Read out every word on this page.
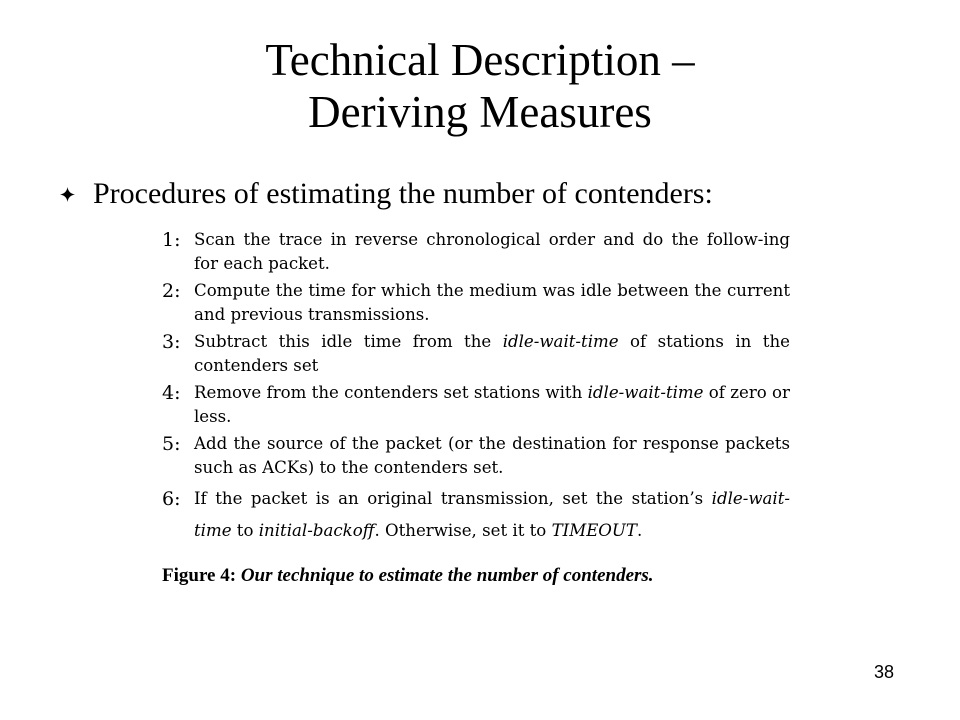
Technical Description –
Deriving Measures
Procedures of estimating the number of contenders:
1: Scan the trace in reverse chronological order and do the follow-ing for each packet.
2: Compute the time for which the medium was idle between the current and previous transmissions.
3: Subtract this idle time from the idle-wait-time of stations in the contenders set
4: Remove from the contenders set stations with idle-wait-time of zero or less.
5: Add the source of the packet (or the destination for response packets such as ACKs) to the contenders set.
6: If the packet is an original transmission, set the station’s idle-wait-time to initial-backoff. Otherwise, set it to TIMEOUT.
Figure 4: Our technique to estimate the number of contenders.
38
